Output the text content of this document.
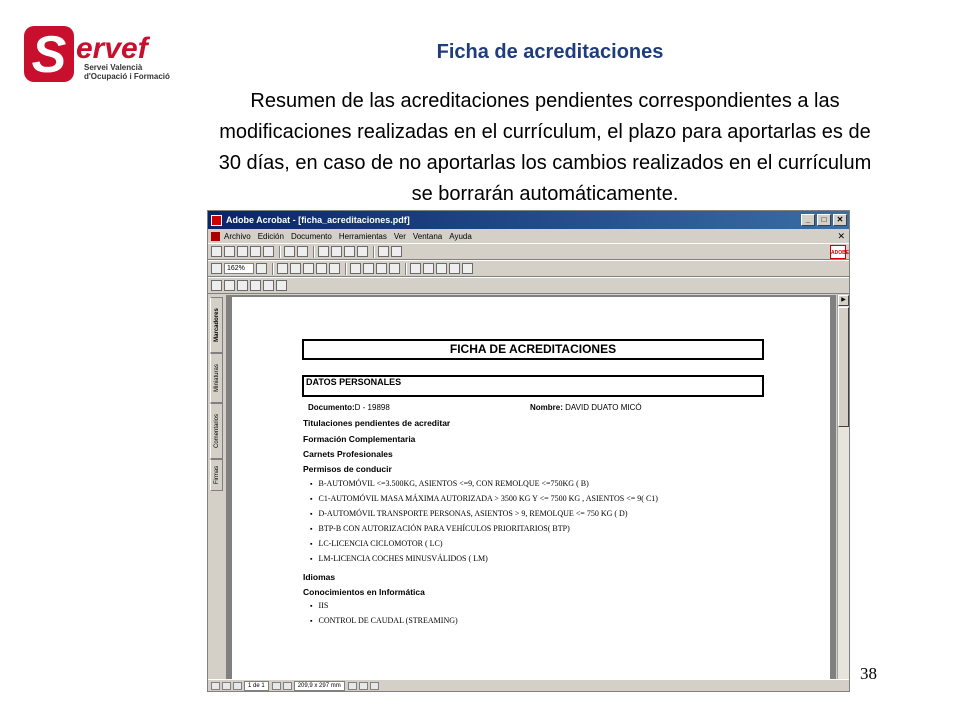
S ervef
Servei Valencià
d'Ocupació i Formació
Ficha de acreditaciones
Resumen de las acreditaciones pendientes correspondientes a las modificaciones realizadas en el currículum, el plazo para aportarlas es de 30 días, en caso de no aportarlas los cambios realizados en el currículum se borrarán automáticamente.
38
Adobe Acrobat - [ficha_acreditaciones.pdf]	_	□	✕
Archivo Edición Documento Herramientas Ver Ventana Ayuda	✕
ADOBE
162%
Marcadores
Miniaturas
Comentarios
Firmas
FICHA DE ACREDITACIONES
DATOS PERSONALES
Documento:D - 19898	Nombre: DAVID DUATO MICÓ
Titulaciones pendientes de acreditar
Formación Complementaria
Carnets Profesionales
Permisos de conducir
▪ B-AUTOMÓVIL <=3.500KG, ASIENTOS <=9, CON REMOLQUE <=750KG ( B)
▪ C1-AUTOMÓVIL MASA MÁXIMA AUTORIZADA > 3500 KG Y <= 7500 KG , ASIENTOS <= 9( C1)
▪ D-AUTOMÓVIL TRANSPORTE PERSONAS, ASIENTOS > 9, REMOLQUE <= 750 KG ( D)
▪ BTP-B CON AUTORIZACIÓN PARA VEHÍCULOS PRIORITARIOS( BTP)
▪ LC-LICENCIA CICLOMOTOR ( LC)
▪ LM-LICENCIA COCHES MINUSVÁLIDOS ( LM)
Idiomas
Conocimientos en Informática
▪ IIS
▪ CONTROL DE CAUDAL (STREAMING)
▶
1 de 1	209,9 x 297 mm
